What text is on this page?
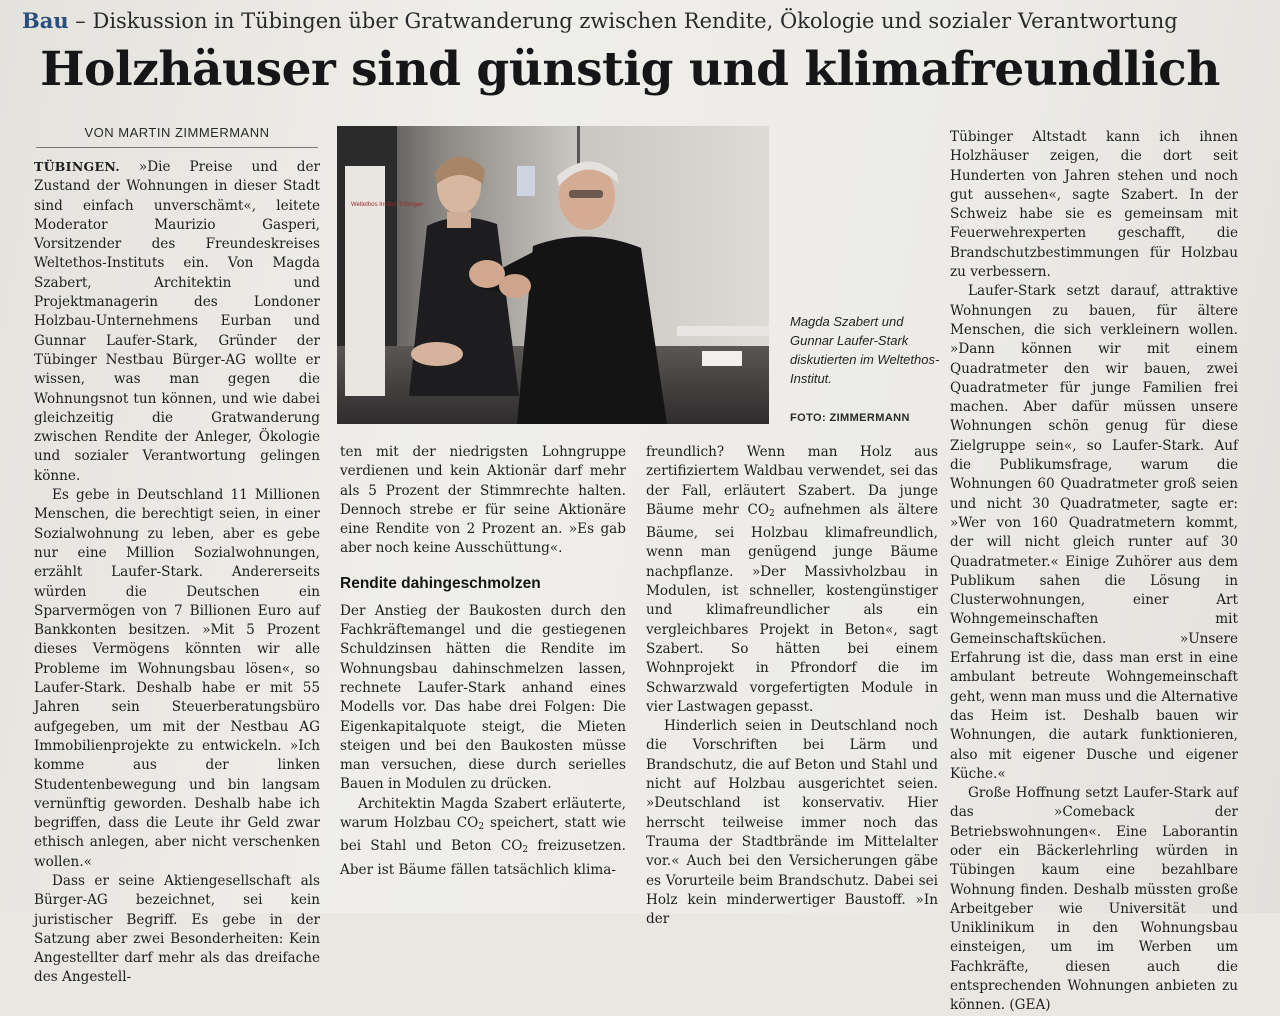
Bau – Diskussion in Tübingen über Gratwanderung zwischen Rendite, Ökologie und sozialer Verantwortung
Holzhäuser sind günstig und klimafreundlich
VON MARTIN ZIMMERMANN

TÜBINGEN. »Die Preise und der Zustand der Wohnungen in dieser Stadt sind einfach unverschämt«, leitete Moderator Maurizio Gasperi, Vorsitzender des Freundeskreises Weltethos-Instituts ein. Von Magda Szabert, Architektin und Projektmanagerin des Londoner Holzbau-Unternehmens Eurban und Gunnar Laufer-Stark, Gründer der Tübinger Nestbau Bürger-AG wollte er wissen, was man gegen die Wohnungsnot tun können, und wie dabei gleichzeitig die Gratwanderung zwischen Rendite der Anleger, Ökologie und sozialer Verantwortung gelingen könne.

Es gebe in Deutschland 11 Millionen Menschen, die berechtigt seien, in einer Sozialwohnung zu leben, aber es gebe nur eine Million Sozialwohnungen, erzählt Laufer-Stark. Andererseits würden die Deutschen ein Sparvermögen von 7 Billionen Euro auf Bankkonten besitzen. »Mit 5 Prozent dieses Vermögens könnten wir alle Probleme im Wohnungsbau lösen«, so Laufer-Stark. Deshalb habe er mit 55 Jahren sein Steuerberatungsbüro aufgegeben, um mit der Nestbau AG Immobilienprojekte zu entwickeln. »Ich komme aus der linken Studentenbewegung und bin langsam vernünftig geworden. Deshalb habe ich begriffen, dass die Leute ihr Geld zwar ethisch anlegen, aber nicht verschenken wollen.«

Dass er seine Aktiengesellschaft als Bürger-AG bezeichnet, sei kein juristischer Begriff. Es gebe in der Satzung aber zwei Besonderheiten: Kein Angestellter darf mehr als das dreifache des Angestell-

Weltethos Institut Tübingen
Magda Szabert und Gunnar Laufer-Stark diskutierten im Weltethos-Institut.
FOTO: ZIMMERMANN

ten mit der niedrigsten Lohngruppe verdienen und kein Aktionär darf mehr als 5 Prozent der Stimmrechte halten. Dennoch strebe er für seine Aktionäre eine Rendite von 2 Prozent an. »Es gab aber noch keine Ausschüttung«.

Rendite dahingeschmolzen

Der Anstieg der Baukosten durch den Fachkräftemangel und die gestiegenen Schuldzinsen hätten die Rendite im Wohnungsbau dahinschmelzen lassen, rechnete Laufer-Stark anhand eines Modells vor. Das habe drei Folgen: Die Eigenkapitalquote steigt, die Mieten steigen und bei den Baukosten müsse man versuchen, diese durch serielles Bauen in Modulen zu drücken.

Architektin Magda Szabert erläuterte, warum Holzbau CO2 speichert, statt wie bei Stahl und Beton CO2 freizusetzen. Aber ist Bäume fällen tatsächlich klima-

freundlich? Wenn man Holz aus zertifiziertem Waldbau verwendet, sei das der Fall, erläutert Szabert. Da junge Bäume mehr CO2 aufnehmen als ältere Bäume, sei Holzbau klimafreundlich, wenn man genügend junge Bäume nachpflanze. »Der Massivholzbau in Modulen, ist schneller, kostengünstiger und klimafreundlicher als ein vergleichbares Projekt in Beton«, sagt Szabert. So hätten bei einem Wohnprojekt in Pfrondorf die im Schwarzwald vorgefertigten Module in vier Lastwagen gepasst.

Hinderlich seien in Deutschland noch die Vorschriften bei Lärm und Brandschutz, die auf Beton und Stahl und nicht auf Holzbau ausgerichtet seien. »Deutschland ist konservativ. Hier herrscht teilweise immer noch das Trauma der Stadtbrände im Mittelalter vor.« Auch bei den Versicherungen gäbe es Vorurteile beim Brandschutz. Dabei sei Holz kein minderwertiger Baustoff. »In der

Tübinger Altstadt kann ich ihnen Holzhäuser zeigen, die dort seit Hunderten von Jahren stehen und noch gut aussehen«, sagte Szabert. In der Schweiz habe sie es gemeinsam mit Feuerwehrexperten geschafft, die Brandschutzbestimmungen für Holzbau zu verbessern.

Laufer-Stark setzt darauf, attraktive Wohnungen zu bauen, für ältere Menschen, die sich verkleinern wollen. »Dann können wir mit einem Quadratmeter den wir bauen, zwei Quadratmeter für junge Familien frei machen. Aber dafür müssen unsere Wohnungen schön genug für diese Zielgruppe sein«, so Laufer-Stark. Auf die Publikumsfrage, warum die Wohnungen 60 Quadratmeter groß seien und nicht 30 Quadratmeter, sagte er: »Wer von 160 Quadratmetern kommt, der will nicht gleich runter auf 30 Quadratmeter.« Einige Zuhörer aus dem Publikum sahen die Lösung in Clusterwohnungen, einer Art Wohngemeinschaften mit Gemeinschaftsküchen. »Unsere Erfahrung ist die, dass man erst in eine ambulant betreute Wohngemeinschaft geht, wenn man muss und die Alternative das Heim ist. Deshalb bauen wir Wohnungen, die autark funktionieren, also mit eigener Dusche und eigener Küche.«

Große Hoffnung setzt Laufer-Stark auf das »Comeback der Betriebswohnungen«. Eine Laborantin oder ein Bäckerlehrling würden in Tübingen kaum eine bezahlbare Wohnung finden. Deshalb müssten große Arbeitgeber wie Universität und Uniklinikum in den Wohnungsbau einsteigen, um im Werben um Fachkräfte, diesen auch die entsprechenden Wohnungen anbieten zu können. (GEA)
